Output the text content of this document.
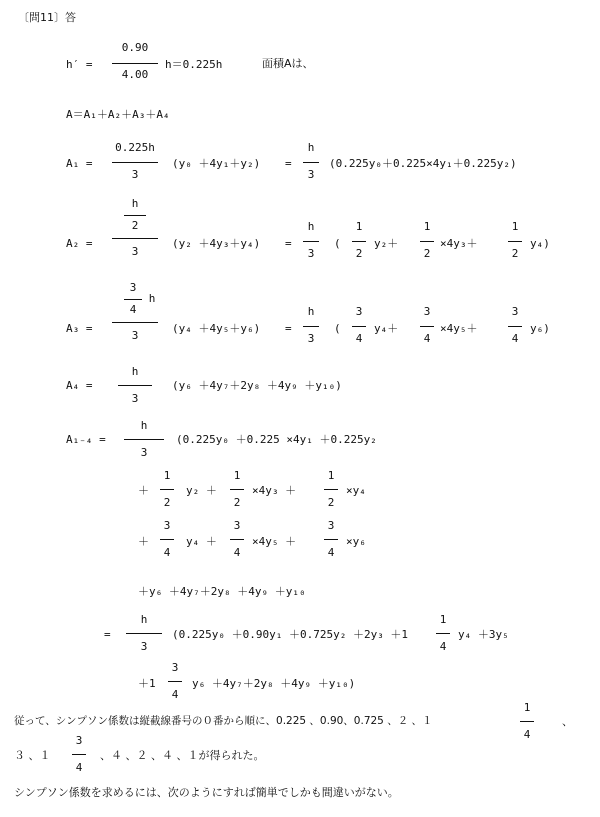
〔問11〕答
h′ =
0.90
4.00
h＝0.225h	面積Aは、
A＝A₁＋A₂＋A₃＋A₄
A₁ =
0.225h
3
(y₀ ＋4y₁＋y₂) =
h
3
(0.225y₀＋0.225×4y₁＋0.225y₂)
A₂ =
h
2
3
(y₂ ＋4y₃＋y₄) =
h
3
(
1
2
y₂＋
1
2
×4y₃＋
1
2
y₄)
A₃ =
3
4
h
3
(y₄ ＋4y₅＋y₆) =
h
3
(
3
4
y₄＋
3
4
×4y₅＋
3
4
y₆)
A₄ =
h
3
(y₆ ＋4y₇＋2y₈ ＋4y₉ ＋y₁₀)
A₁₋₄ =
h
3
(0.225y₀ ＋0.225 ×4y₁ ＋0.225y₂
＋
1
2
y₂ ＋
1
2
×4y₃ ＋
1
2
×y₄
＋
3
4
y₄ ＋
3
4
×4y₅ ＋
3
4
×y₆
＋y₆ ＋4y₇＋2y₈ ＋4y₉ ＋y₁₀
=
h
3
(0.225y₀ ＋0.90y₁ ＋0.725y₂ ＋2y₃ ＋1
1
4
y₄ ＋3y₅
＋1
3
4
y₆ ＋4y₇＋2y₈ ＋4y₉ ＋y₁₀)
従って、シンプソン係数は縦截線番号の０番から順に、0.225 、0.90、0.725 、２ 、１
1
4
、
３ 、１
3
4
、４ 、２ 、４ 、１が得られた。
シンプソン係数を求めるには、次のようにすれば簡単でしかも間違いがない。
